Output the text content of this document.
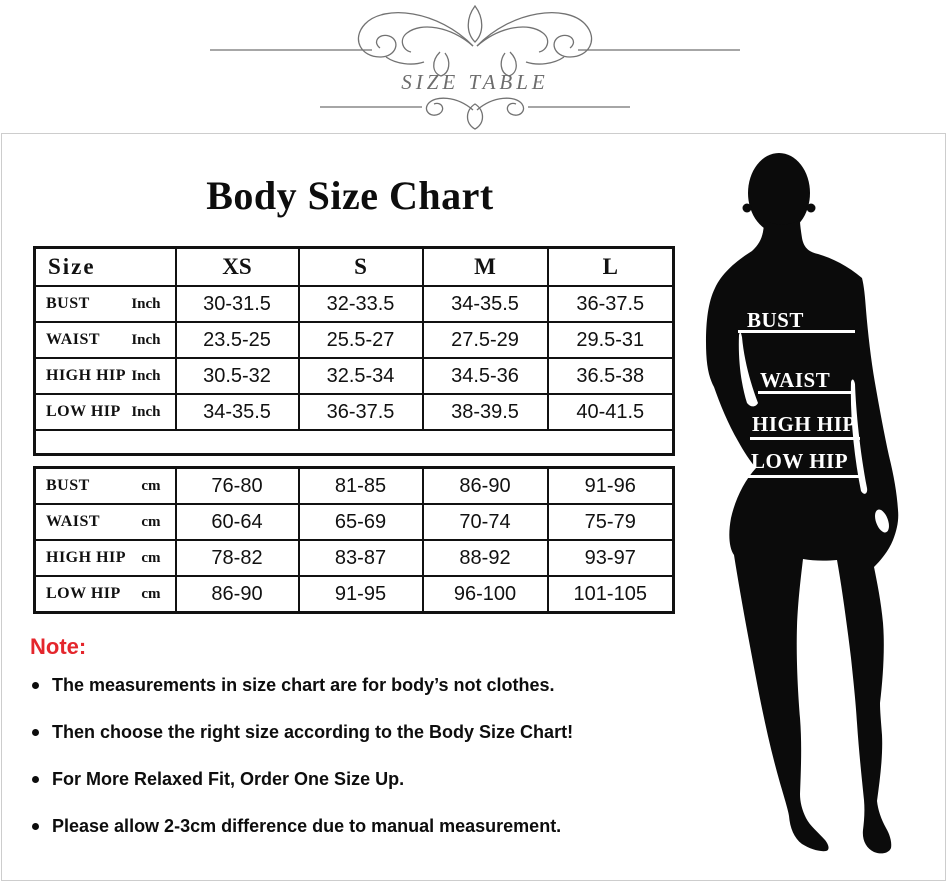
SIZE TABLE
Body Size Chart
Size	XS	S	M	L

BUST Inch	30-31.5	32-33.5	34-35.5	36-37.5

WAIST Inch	23.5-25	25.5-27	27.5-29	29.5-31

HIGH HIP Inch	30.5-32	32.5-34	34.5-36	36.5-38

LOW HIP Inch	34-35.5	36-37.5	38-39.5	40-41.5

BUST cm	76-80	81-85	86-90	91-96

WAIST cm	60-64	65-69	70-74	75-79

HIGH HIP cm	78-82	83-87	88-92	93-97

LOW HIP cm	86-90	91-95	96-100	101-105
Note:
The measurements in size chart are for body’s not clothes.
Then choose the right size according to the Body Size Chart!
For More Relaxed Fit, Order One Size Up.
Please allow 2-3cm difference due to manual measurement.
BUST
WAIST
HIGH HIP
LOW HIP
